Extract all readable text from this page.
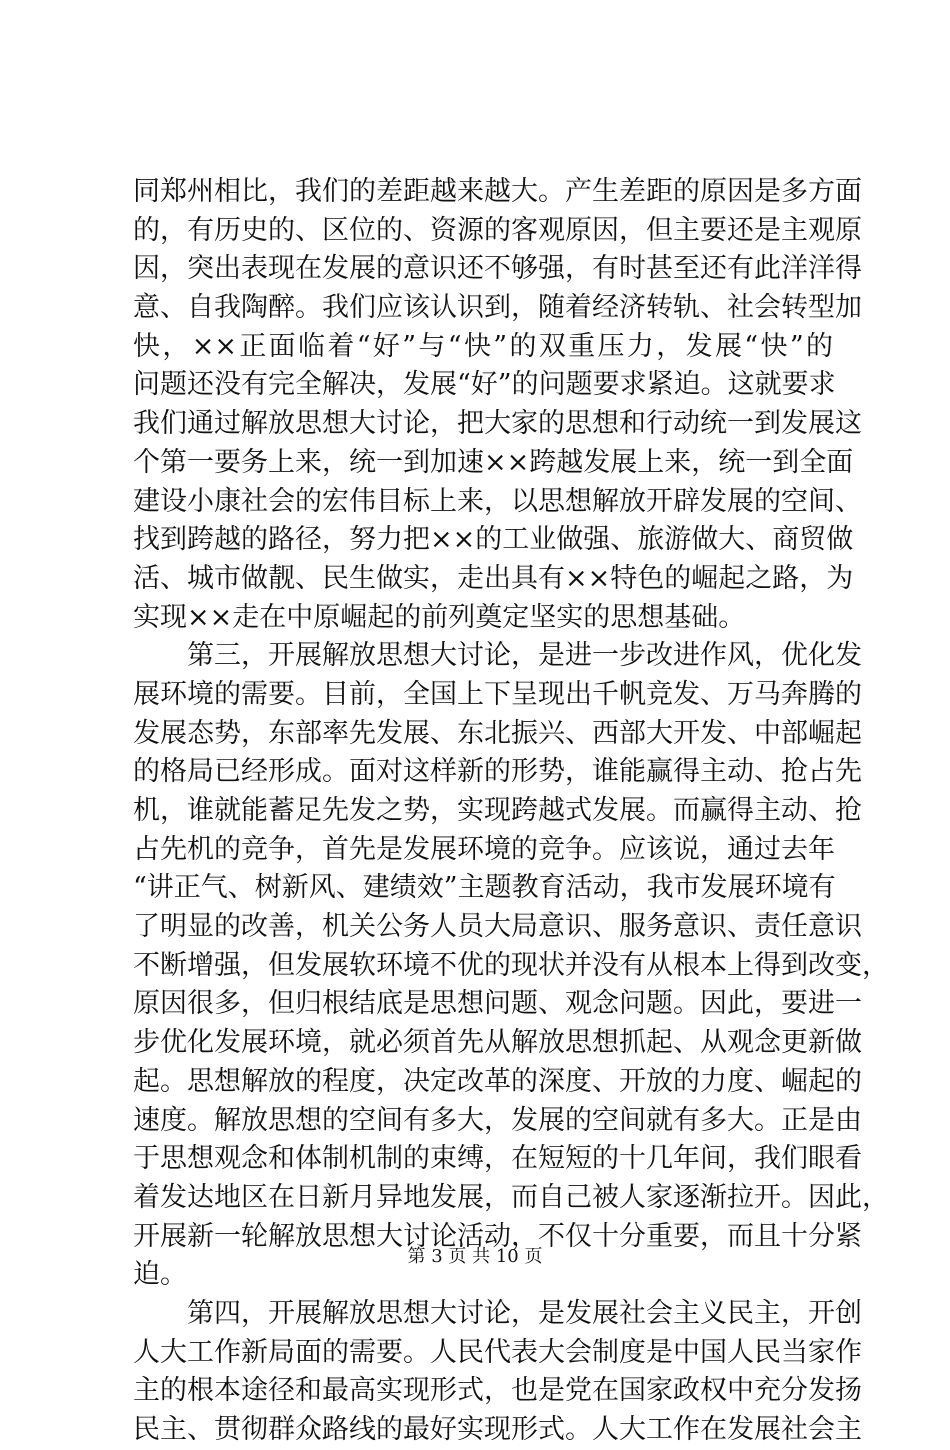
同郑州相比，我们的差距越来越大。产生差距的原因是多方面
的，有历史的、区位的、资源的客观原因，但主要还是主观原
因，突出表现在发展的意识还不够强，有时甚至还有此洋洋得
意、自我陶醉。我们应该认识到，随着经济转轨、社会转型加
快，××正面临着“好”与“快”的双重压力，发展“快”的
问题还没有完全解决，发展“好”的问题要求紧迫。这就要求
我们通过解放思想大讨论，把大家的思想和行动统一到发展这
个第一要务上来，统一到加速××跨越发展上来，统一到全面
建设小康社会的宏伟目标上来，以思想解放开辟发展的空间、
找到跨越的路径，努力把××的工业做强、旅游做大、商贸做
活、城市做靓、民生做实，走出具有××特色的崛起之路，为
实现××走在中原崛起的前列奠定坚实的思想基础。
第三，开展解放思想大讨论，是进一步改进作风，优化发
展环境的需要。目前，全国上下呈现出千帆竞发、万马奔腾的
发展态势，东部率先发展、东北振兴、西部大开发、中部崛起
的格局已经形成。面对这样新的形势，谁能赢得主动、抢占先
机，谁就能蓄足先发之势，实现跨越式发展。而赢得主动、抢
占先机的竞争，首先是发展环境的竞争。应该说，通过去年
“讲正气、树新风、建绩效”主题教育活动，我市发展环境有
了明显的改善，机关公务人员大局意识、服务意识、责任意识
不断增强，但发展软环境不优的现状并没有从根本上得到改变，
原因很多，但归根结底是思想问题、观念问题。因此，要进一
步优化发展环境，就必须首先从解放思想抓起、从观念更新做
起。思想解放的程度，决定改革的深度、开放的力度、崛起的
速度。解放思想的空间有多大，发展的空间就有多大。正是由
于思想观念和体制机制的束缚，在短短的十几年间，我们眼看
着发达地区在日新月异地发展，而自己被人家逐渐拉开。因此，
开展新一轮解放思想大讨论活动，不仅十分重要，而且十分紧
迫。
第四，开展解放思想大讨论，是发展社会主义民主，开创
人大工作新局面的需要。人民代表大会制度是中国人民当家作
主的根本途径和最高实现形式，也是党在国家政权中充分发扬
民主、贯彻群众路线的最好实现形式。人大工作在发展社会主
第 3 页 共 10 页
